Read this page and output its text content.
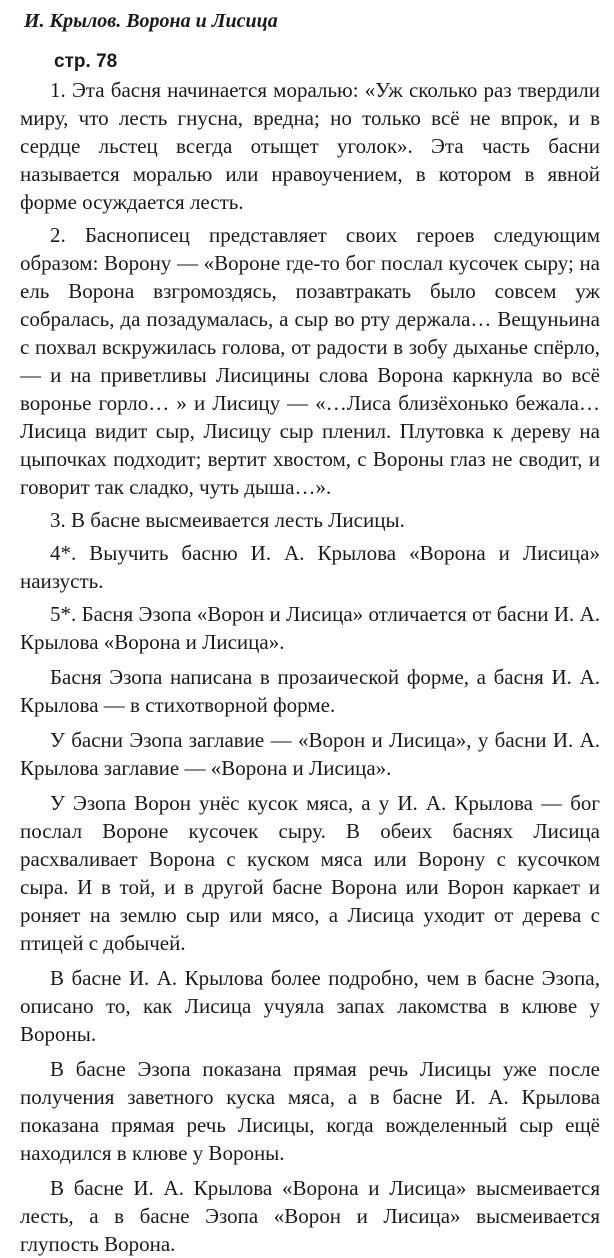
И. Крылов. Ворона и Лисица
стр. 78

1. Эта басня начинается моралью: «Уж сколько раз твердили миру, что лесть гнусна, вредна; но только всё не впрок, и в сердце льстец всегда отыщет уголок». Эта часть басни называется моралью или нравоучением, в котором в явной форме осуждается лесть.

2. Баснописец представляет своих героев следующим образом: Ворону — «Вороне где-то бог послал кусочек сыру; на ель Ворона взгромоздясь, позавтракать было совсем уж собралась, да позадумалась, а сыр во рту держала… Вещуньина с похвал вскружилась голова, от радости в зобу дыханье спёрло, — и на приветливы Лисицины слова Ворона каркнула во всё воронье горло… » и Лисицу — «…Лиса близёхонько бежала… Лисица видит сыр, Лисицу сыр пленил. Плутовка к дереву на цыпочках подходит; вертит хвостом, с Вороны глаз не сводит, и говорит так сладко, чуть дыша…».

3. В басне высмеивается лесть Лисицы.

4*. Выучить басню И. А. Крылова «Ворона и Лисица» наизусть.

5*. Басня Эзопа «Ворон и Лисица» отличается от басни И. А. Крылова «Ворона и Лисица».

Басня Эзопа написана в прозаической форме, а басня И. А. Крылова — в стихотворной форме.

У басни Эзопа заглавие — «Ворон и Лисица», у басни И. А. Крылова заглавие — «Ворона и Лисица».

У Эзопа Ворон унёс кусок мяса, а у И. А. Крылова — бог послал Вороне кусочек сыру. В обеих баснях Лисица расхваливает Ворона с куском мяса или Ворону с кусочком сыра. И в той, и в другой басне Ворона или Ворон каркает и роняет на землю сыр или мясо, а Лисица уходит от дерева с птицей с добычей.

В басне И. А. Крылова более подробно, чем в басне Эзопа, описано то, как Лисица учуяла запах лакомства в клюве у Вороны.

В басне Эзопа показана прямая речь Лисицы уже после получения заветного куска мяса, а в басне И. А. Крылова показана прямая речь Лисицы, когда вожделенный сыр ещё находился в клюве у Вороны.

В басне И. А. Крылова «Ворона и Лисица» высмеивается лесть, а в басне Эзопа «Ворон и Лисица» высмеивается глупость Ворона.
